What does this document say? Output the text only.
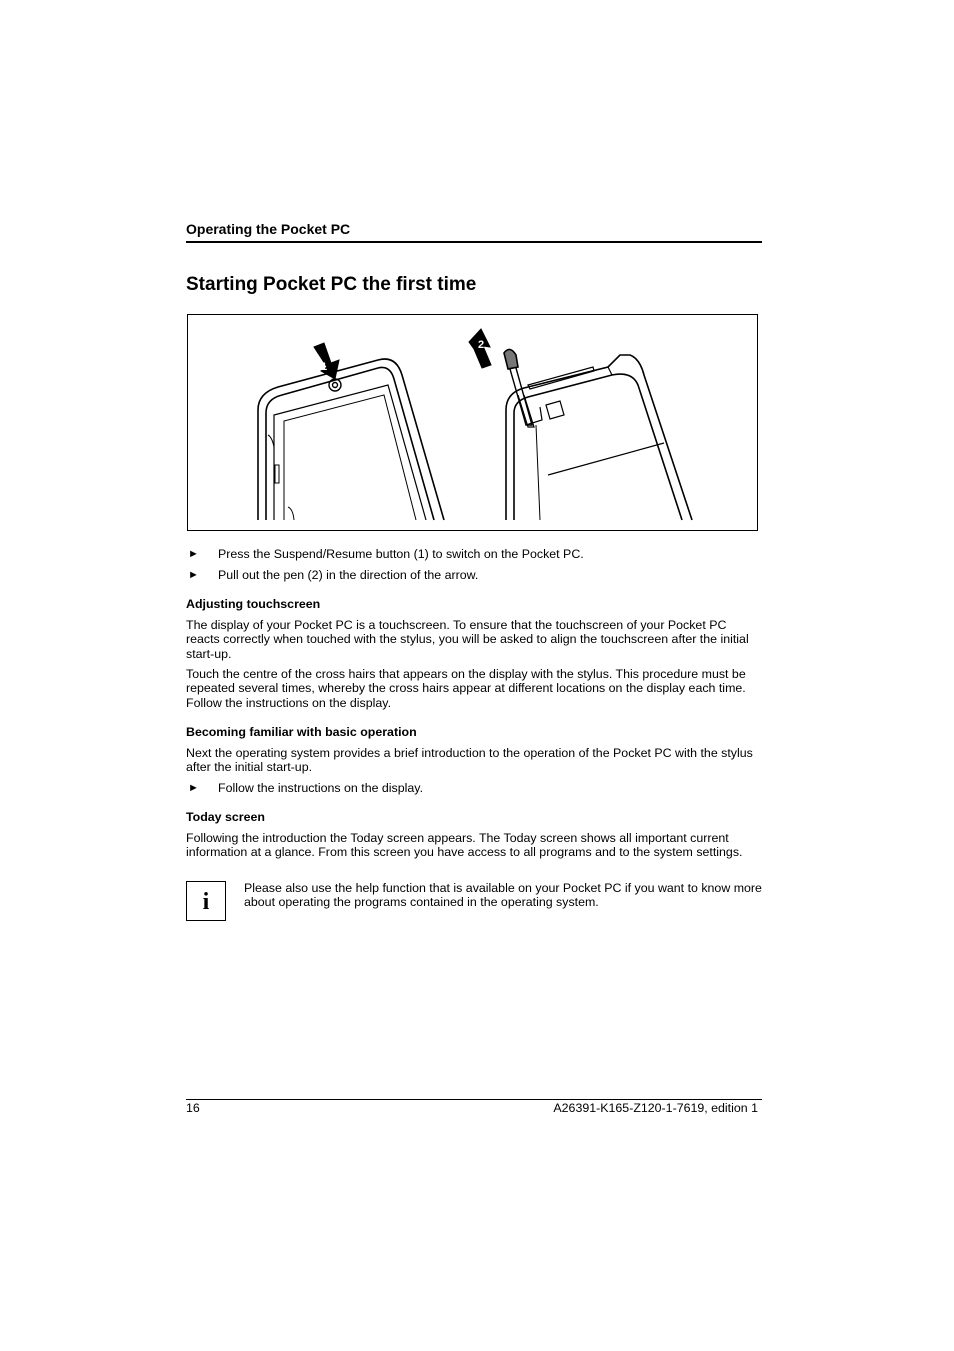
Operating the Pocket PC
Starting Pocket PC the first time
1
2
► Press the Suspend/Resume button (1) to switch on the Pocket PC.
► Pull out the pen (2) in the direction of the arrow.
Adjusting touchscreen
The display of your Pocket PC is a touchscreen. To ensure that the touchscreen of your Pocket PC reacts correctly when touched with the stylus, you will be asked to align the touchscreen after the initial start-up.
Touch the centre of the cross hairs that appears on the display with the stylus. This procedure must be repeated several times, whereby the cross hairs appear at different locations on the display each time. Follow the instructions on the display.
Becoming familiar with basic operation
Next the operating system provides a brief introduction to the operation of the Pocket PC with the stylus after the initial start-up.
► Follow the instructions on the display.
Today screen
Following the introduction the Today screen appears. The Today screen shows all important current information at a glance. From this screen you have access to all programs and to the system settings.
i
Please also use the help function that is available on your Pocket PC if you want to know more about operating the programs contained in the operating system.
16	A26391-K165-Z120-1-7619, edition 1
